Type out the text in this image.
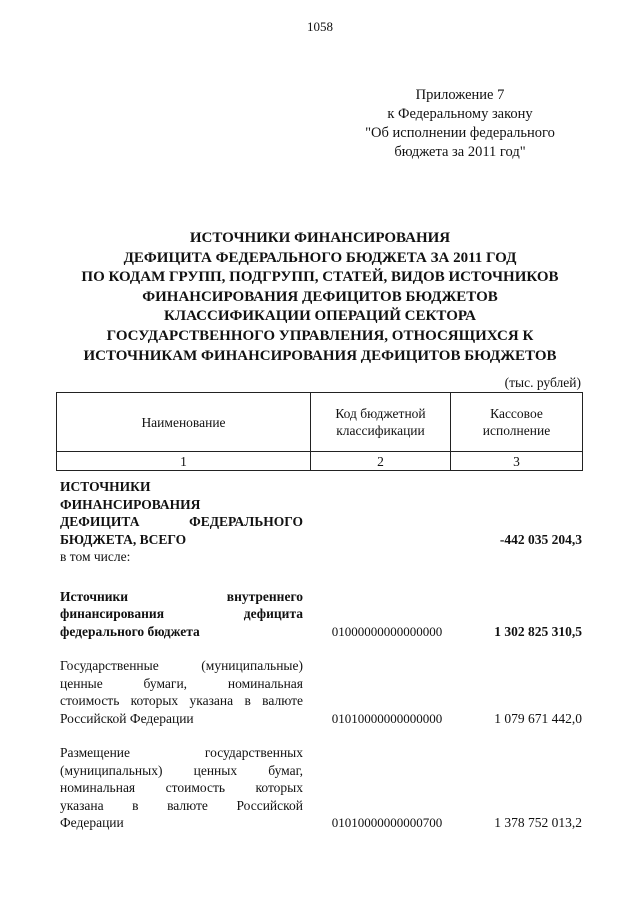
1058
Приложение 7
к Федеральному закону
"Об исполнении федерального
бюджета за 2011 год"
ИСТОЧНИКИ ФИНАНСИРОВАНИЯ
ДЕФИЦИТА ФЕДЕРАЛЬНОГО БЮДЖЕТА ЗА 2011 ГОД
ПО КОДАМ ГРУПП, ПОДГРУПП, СТАТЕЙ, ВИДОВ ИСТОЧНИКОВ
ФИНАНСИРОВАНИЯ ДЕФИЦИТОВ БЮДЖЕТОВ
КЛАССИФИКАЦИИ ОПЕРАЦИЙ СЕКТОРА
ГОСУДАРСТВЕННОГО УПРАВЛЕНИЯ, ОТНОСЯЩИХСЯ К
ИСТОЧНИКАМ ФИНАНСИРОВАНИЯ ДЕФИЦИТОВ БЮДЖЕТОВ
(тыс. рублей)
Наименование	Код бюджетной классификации	Кассовое исполнение
1	2	3
ИСТОЧНИКИ
ФИНАНСИРОВАНИЯ
ДЕФИЦИТА ФЕДЕРАЛЬНОГО
БЮДЖЕТА, ВСЕГО	-442 035 204,3
в том числе:
Источники внутреннего
финансирования дефицита
федерального бюджета	01000000000000000	1 302 825 310,5
Государственные (муниципальные)
ценные бумаги, номинальная
стоимость которых указана в валюте
Российской Федерации	01010000000000000	1 079 671 442,0
Размещение государственных
(муниципальных) ценных бумаг,
номинальная стоимость которых
указана в валюте Российской
Федерации	01010000000000700	1 378 752 013,2
